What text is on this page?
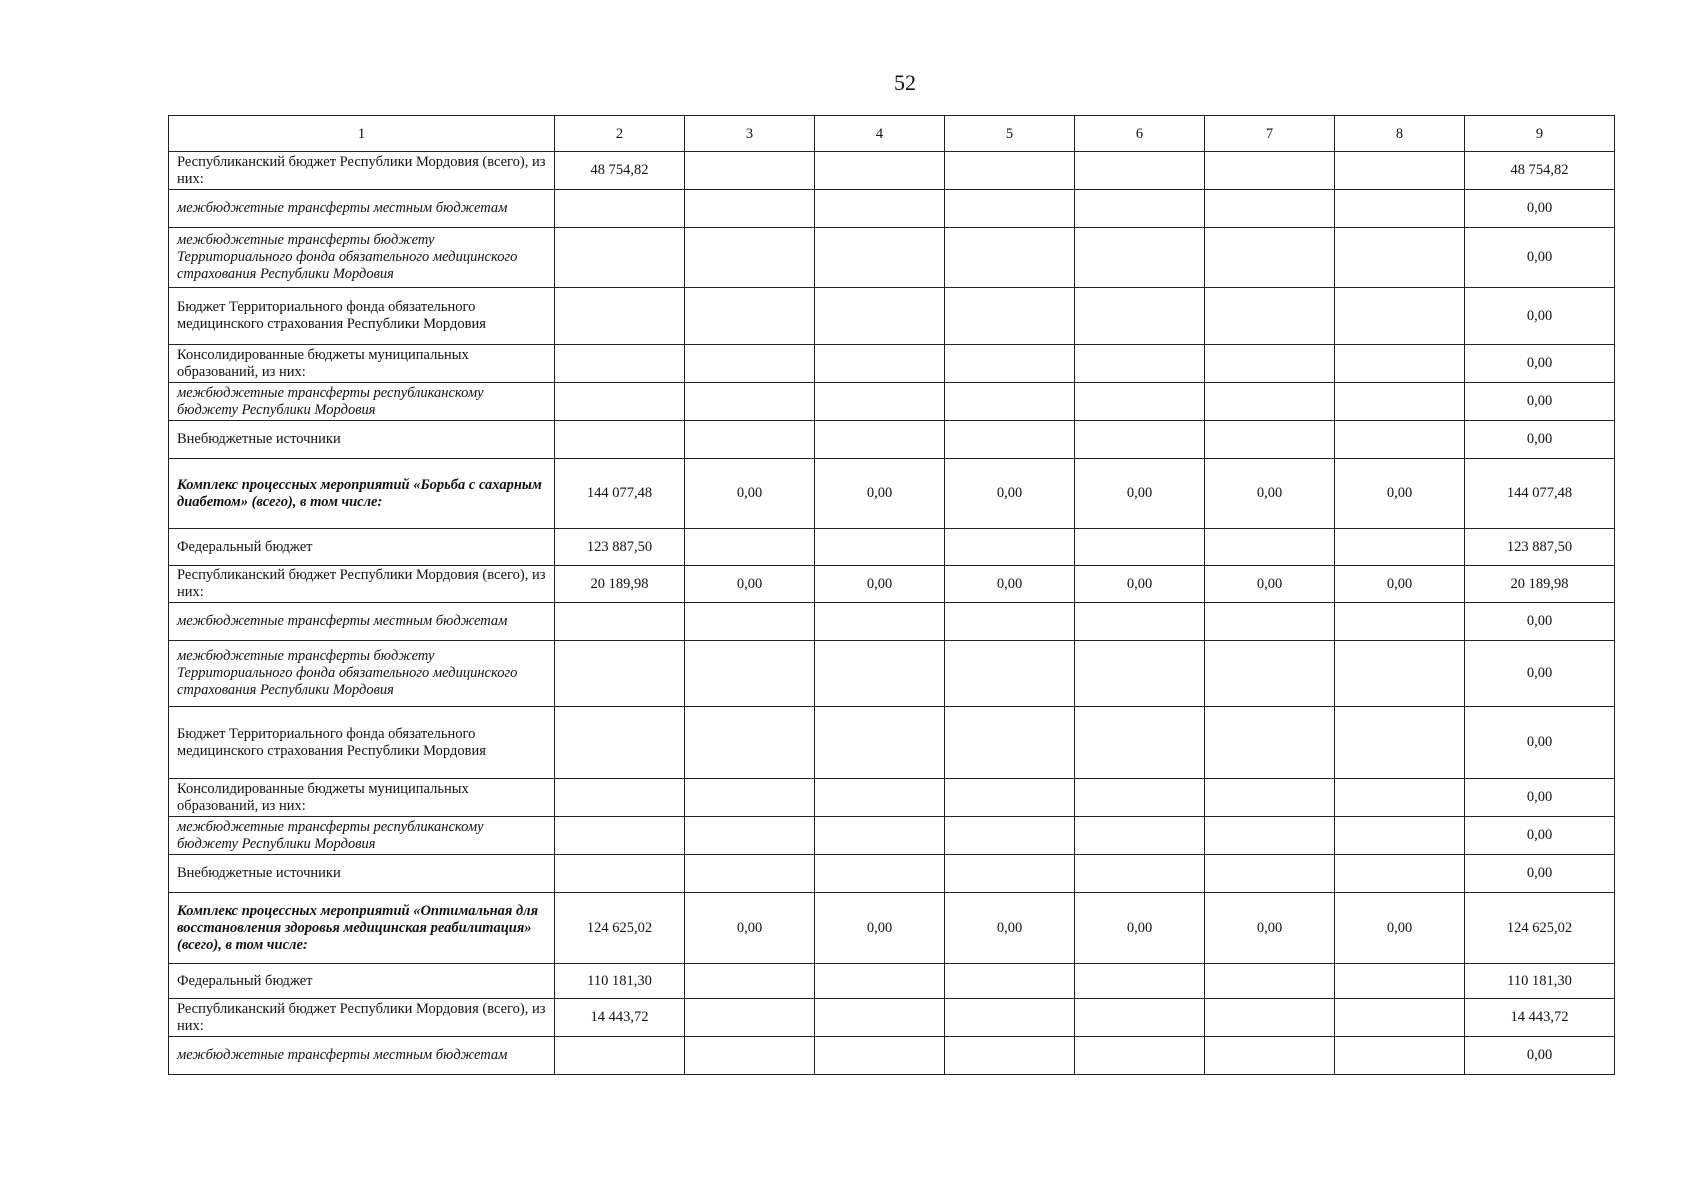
52
1	2	3	4	5	6	7	8	9
Республиканский бюджет Республики Мордовия (всего), из них:	48 754,82							48 754,82
межбюджетные трансферты местным бюджетам								0,00
межбюджетные трансферты бюджету Территориального фонда обязательного медицинского страхования Республики Мордовия								0,00
Бюджет Территориального фонда обязательного медицинского страхования Республики Мордовия								0,00
Консолидированные бюджеты муниципальных образований, из них:								0,00
межбюджетные трансферты республиканскому бюджету Республики Мордовия								0,00
Внебюджетные источники								0,00
Комплекс процессных мероприятий «Борьба с сахарным диабетом» (всего), в том числе:	144 077,48	0,00	0,00	0,00	0,00	0,00	0,00	144 077,48
Федеральный бюджет	123 887,50							123 887,50
Республиканский бюджет Республики Мордовия (всего), из них:	20 189,98	0,00	0,00	0,00	0,00	0,00	0,00	20 189,98
межбюджетные трансферты местным бюджетам								0,00
межбюджетные трансферты бюджету Территориального фонда обязательного медицинского страхования Республики Мордовия								0,00
Бюджет Территориального фонда обязательного медицинского страхования Республики Мордовия								0,00
Консолидированные бюджеты муниципальных образований, из них:								0,00
межбюджетные трансферты республиканскому бюджету Республики Мордовия								0,00
Внебюджетные источники								0,00
Комплекс процессных мероприятий «Оптимальная для восстановления здоровья медицинская реабилитация» (всего), в том числе:	124 625,02	0,00	0,00	0,00	0,00	0,00	0,00	124 625,02
Федеральный бюджет	110 181,30							110 181,30
Республиканский бюджет Республики Мордовия (всего), из них:	14 443,72							14 443,72
межбюджетные трансферты местным бюджетам								0,00
